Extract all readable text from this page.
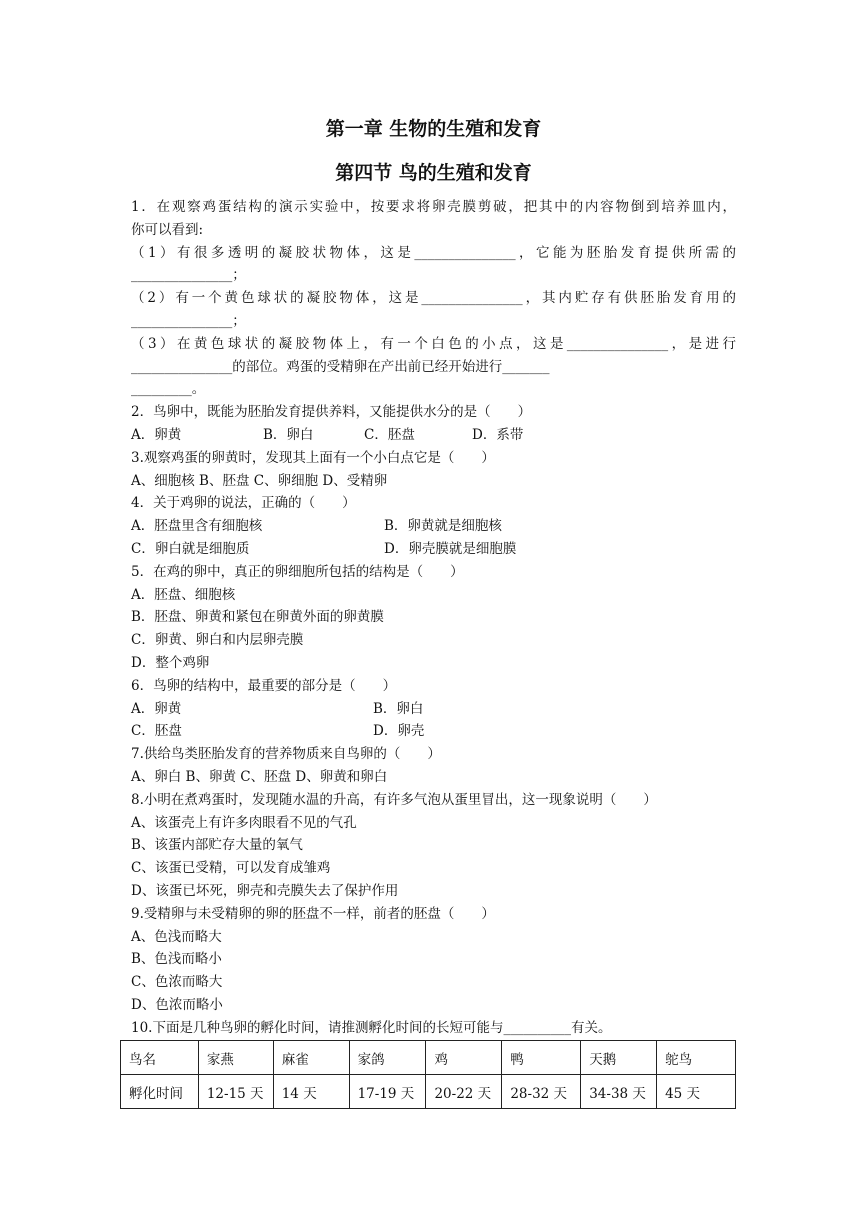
第一章 生物的生殖和发育
第四节 鸟的生殖和发育
1．在观察鸡蛋结构的演示实验中，按要求将卵壳膜剪破，把其中的内容物倒到培养皿内，
你可以看到:
（1）有很多透明的凝胶状物体，这是_______________，它能为胚胎发育提供所需的
_______________；
（2）有一个黄色球状的凝胶物体，这是_______________，其内贮存有供胚胎发育用的
_______________；
（3）在黄色球状的凝胶物体上，有一个白色的小点，这是_______________，是进行
_______________的部位。鸡蛋的受精卵在产出前已经开始进行_______
_________。
2．鸟卵中，既能为胚胎发育提供养料，又能提供水分的是（　　）
A．卵黄	B．卵白	C．胚盘	D．系带
3.观察鸡蛋的卵黄时，发现其上面有一个小白点它是（　　）
A、细胞核 B、胚盘 C、卵细胞 D、受精卵
4．关于鸡卵的说法，正确的（　　）
A．胚盘里含有细胞核	B．卵黄就是细胞核
C．卵白就是细胞质	D．卵壳膜就是细胞膜
5．在鸡的卵中，真正的卵细胞所包括的结构是（　　）
A．胚盘、细胞核
B．胚盘、卵黄和紧包在卵黄外面的卵黄膜
C．卵黄、卵白和内层卵壳膜
D．整个鸡卵
6．鸟卵的结构中，最重要的部分是（　　）
A．卵黄	B．卵白
C．胚盘	D．卵壳
7.供给鸟类胚胎发育的营养物质来自鸟卵的（　　）
A、卵白 B、卵黄 C、胚盘 D、卵黄和卵白
8.小明在煮鸡蛋时，发现随水温的升高，有许多气泡从蛋里冒出，这一现象说明（　　）
A、该蛋壳上有许多肉眼看不见的气孔
B、该蛋内部贮存大量的氧气
C、该蛋已受精，可以发育成雏鸡
D、该蛋已坏死，卵壳和壳膜失去了保护作用
9.受精卵与未受精卵的卵的胚盘不一样，前者的胚盘（　　）
A、色浅而略大
B、色浅而略小
C、色浓而略大
D、色浓而略小
10.下面是几种鸟卵的孵化时间，请推测孵化时间的长短可能与__________有关。
鸟名	家燕	麻雀	家鸽	鸡	鸭	天鹅	鸵鸟
孵化时间	12-15 天	14 天	17-19 天	20-22 天	28-32 天	34-38 天	45 天
